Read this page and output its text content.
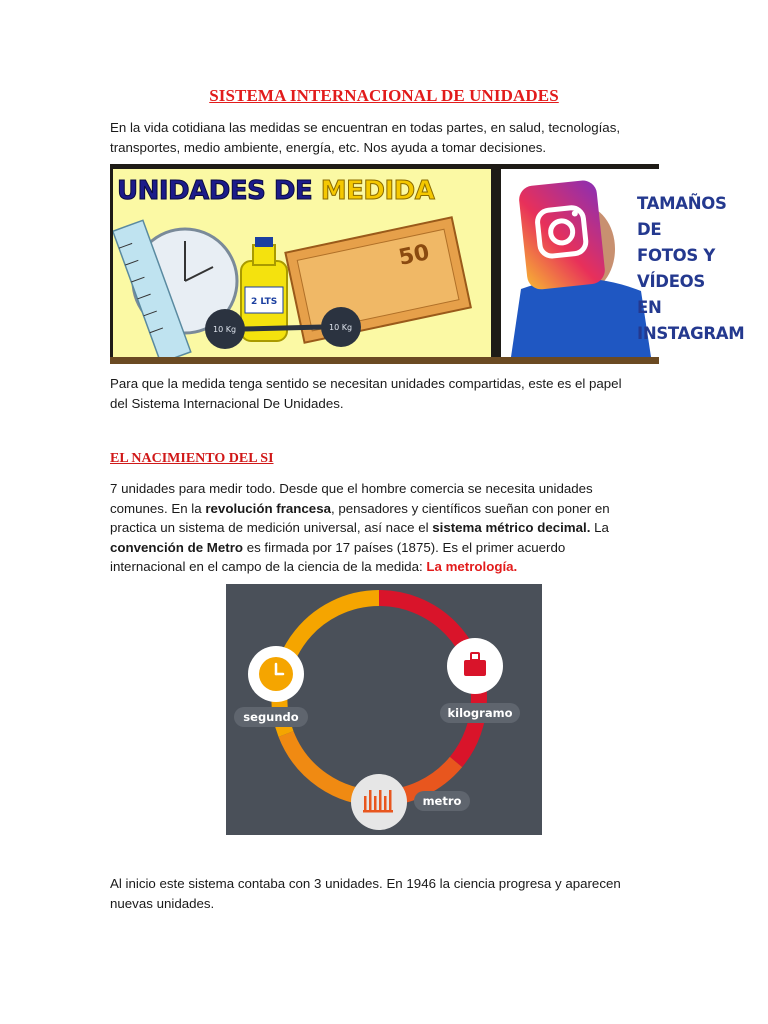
SISTEMA INTERNACIONAL DE UNIDADES
En la vida cotidiana las medidas se encuentran en todas partes, en salud, tecnologías,
transportes, medio ambiente, energía, etc. Nos ayuda a tomar decisiones.
UNIDADES DE MEDIDA
50
2 LTS
10 Kg	10 Kg
TAMAÑOS DE
FOTOS Y VÍDEOS
EN INSTAGRAM
Para que la medida tenga sentido se necesitan unidades compartidas, este es el papel
del Sistema Internacional De Unidades.
EL NACIMIENTO DEL SI
7 unidades para medir todo. Desde que el hombre comercia se necesita unidades
comunes. En la revolución francesa, pensadores y científicos sueñan con poner en
practica un sistema de medición universal, así nace el sistema métrico decimal. La
convención de Metro es firmada por 17 países (1875). Es el primer acuerdo
internacional en el campo de la ciencia de la medida: La metrología.
segundo	kilogramo
metro
Al inicio este sistema contaba con 3 unidades. En 1946 la ciencia progresa y aparecen
nuevas unidades.
